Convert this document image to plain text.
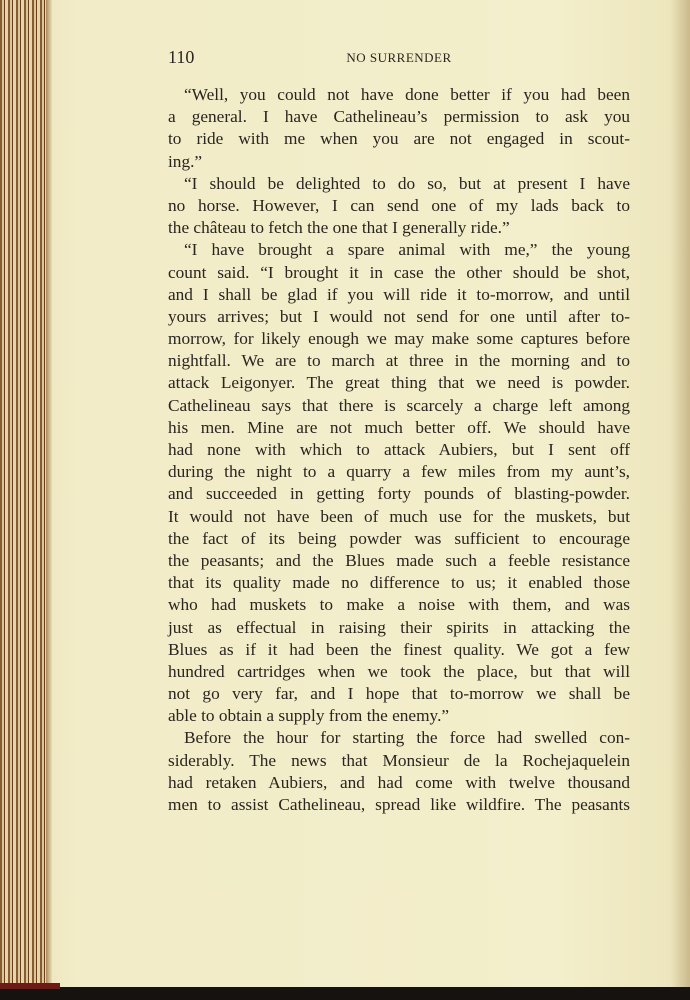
110	NO SURRENDER
“Well, you could not have done better if you had been
a general. I have Cathelineau’s permission to ask you
to ride with me when you are not engaged in scout-
ing.”
“I should be delighted to do so, but at present I have
no horse. However, I can send one of my lads back to
the château to fetch the one that I generally ride.”
“I have brought a spare animal with me,” the young
count said. “I brought it in case the other should be shot,
and I shall be glad if you will ride it to-morrow, and until
yours arrives; but I would not send for one until after to-
morrow, for likely enough we may make some captures before
nightfall. We are to march at three in the morning and to
attack Leigonyer. The great thing that we need is powder.
Cathelineau says that there is scarcely a charge left among
his men. Mine are not much better off. We should have
had none with which to attack Aubiers, but I sent off
during the night to a quarry a few miles from my aunt’s,
and succeeded in getting forty pounds of blasting-powder.
It would not have been of much use for the muskets, but
the fact of its being powder was sufficient to encourage
the peasants; and the Blues made such a feeble resistance
that its quality made no difference to us; it enabled those
who had muskets to make a noise with them, and was
just as effectual in raising their spirits in attacking the
Blues as if it had been the finest quality. We got a few
hundred cartridges when we took the place, but that will
not go very far, and I hope that to-morrow we shall be
able to obtain a supply from the enemy.”
Before the hour for starting the force had swelled con-
siderably. The news that Monsieur de la Rochejaquelein
had retaken Aubiers, and had come with twelve thousand
men to assist Cathelineau, spread like wildfire. The peasants
